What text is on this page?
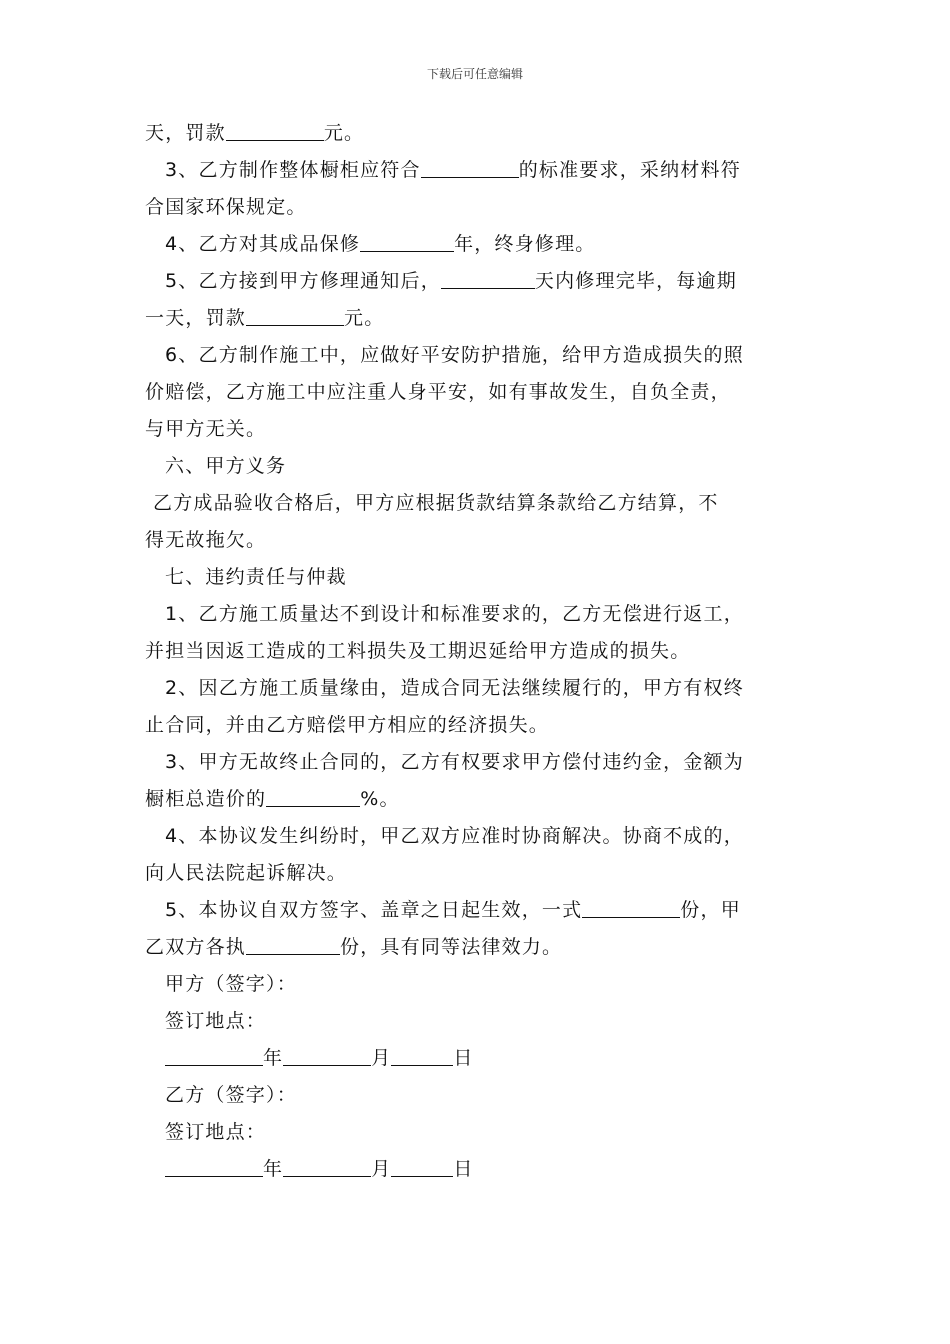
下载后可任意编辑

天，罚款	元。

3、乙方制作整体橱柜应符合	的标准要求，采纳材料符

合国家环保规定。

4、乙方对其成品保修	年，终身修理。

5、乙方接到甲方修理通知后，	天内修理完毕，每逾期

一天，罚款	元。

6、乙方制作施工中，应做好平安防护措施，给甲方造成损失的照

价赔偿，乙方施工中应注重人身平安，如有事故发生，自负全责，

与甲方无关。

六、甲方义务

乙方成品验收合格后，甲方应根据货款结算条款给乙方结算，不

得无故拖欠。

七、违约责任与仲裁

1、乙方施工质量达不到设计和标准要求的，乙方无偿进行返工，

并担当因返工造成的工料损失及工期迟延给甲方造成的损失。

2、因乙方施工质量缘由，造成合同无法继续履行的，甲方有权终

止合同，并由乙方赔偿甲方相应的经济损失。

3、甲方无故终止合同的，乙方有权要求甲方偿付违约金，金额为

橱柜总造价的	%。

4、本协议发生纠纷时，甲乙双方应准时协商解决。协商不成的，

向人民法院起诉解决。

5、本协议自双方签字、盖章之日起生效，一式	份，甲

乙双方各执	份，具有同等法律效力。

甲方（签字）：

签订地点：

年	月	日

乙方（签字）：

签订地点：

年	月	日
